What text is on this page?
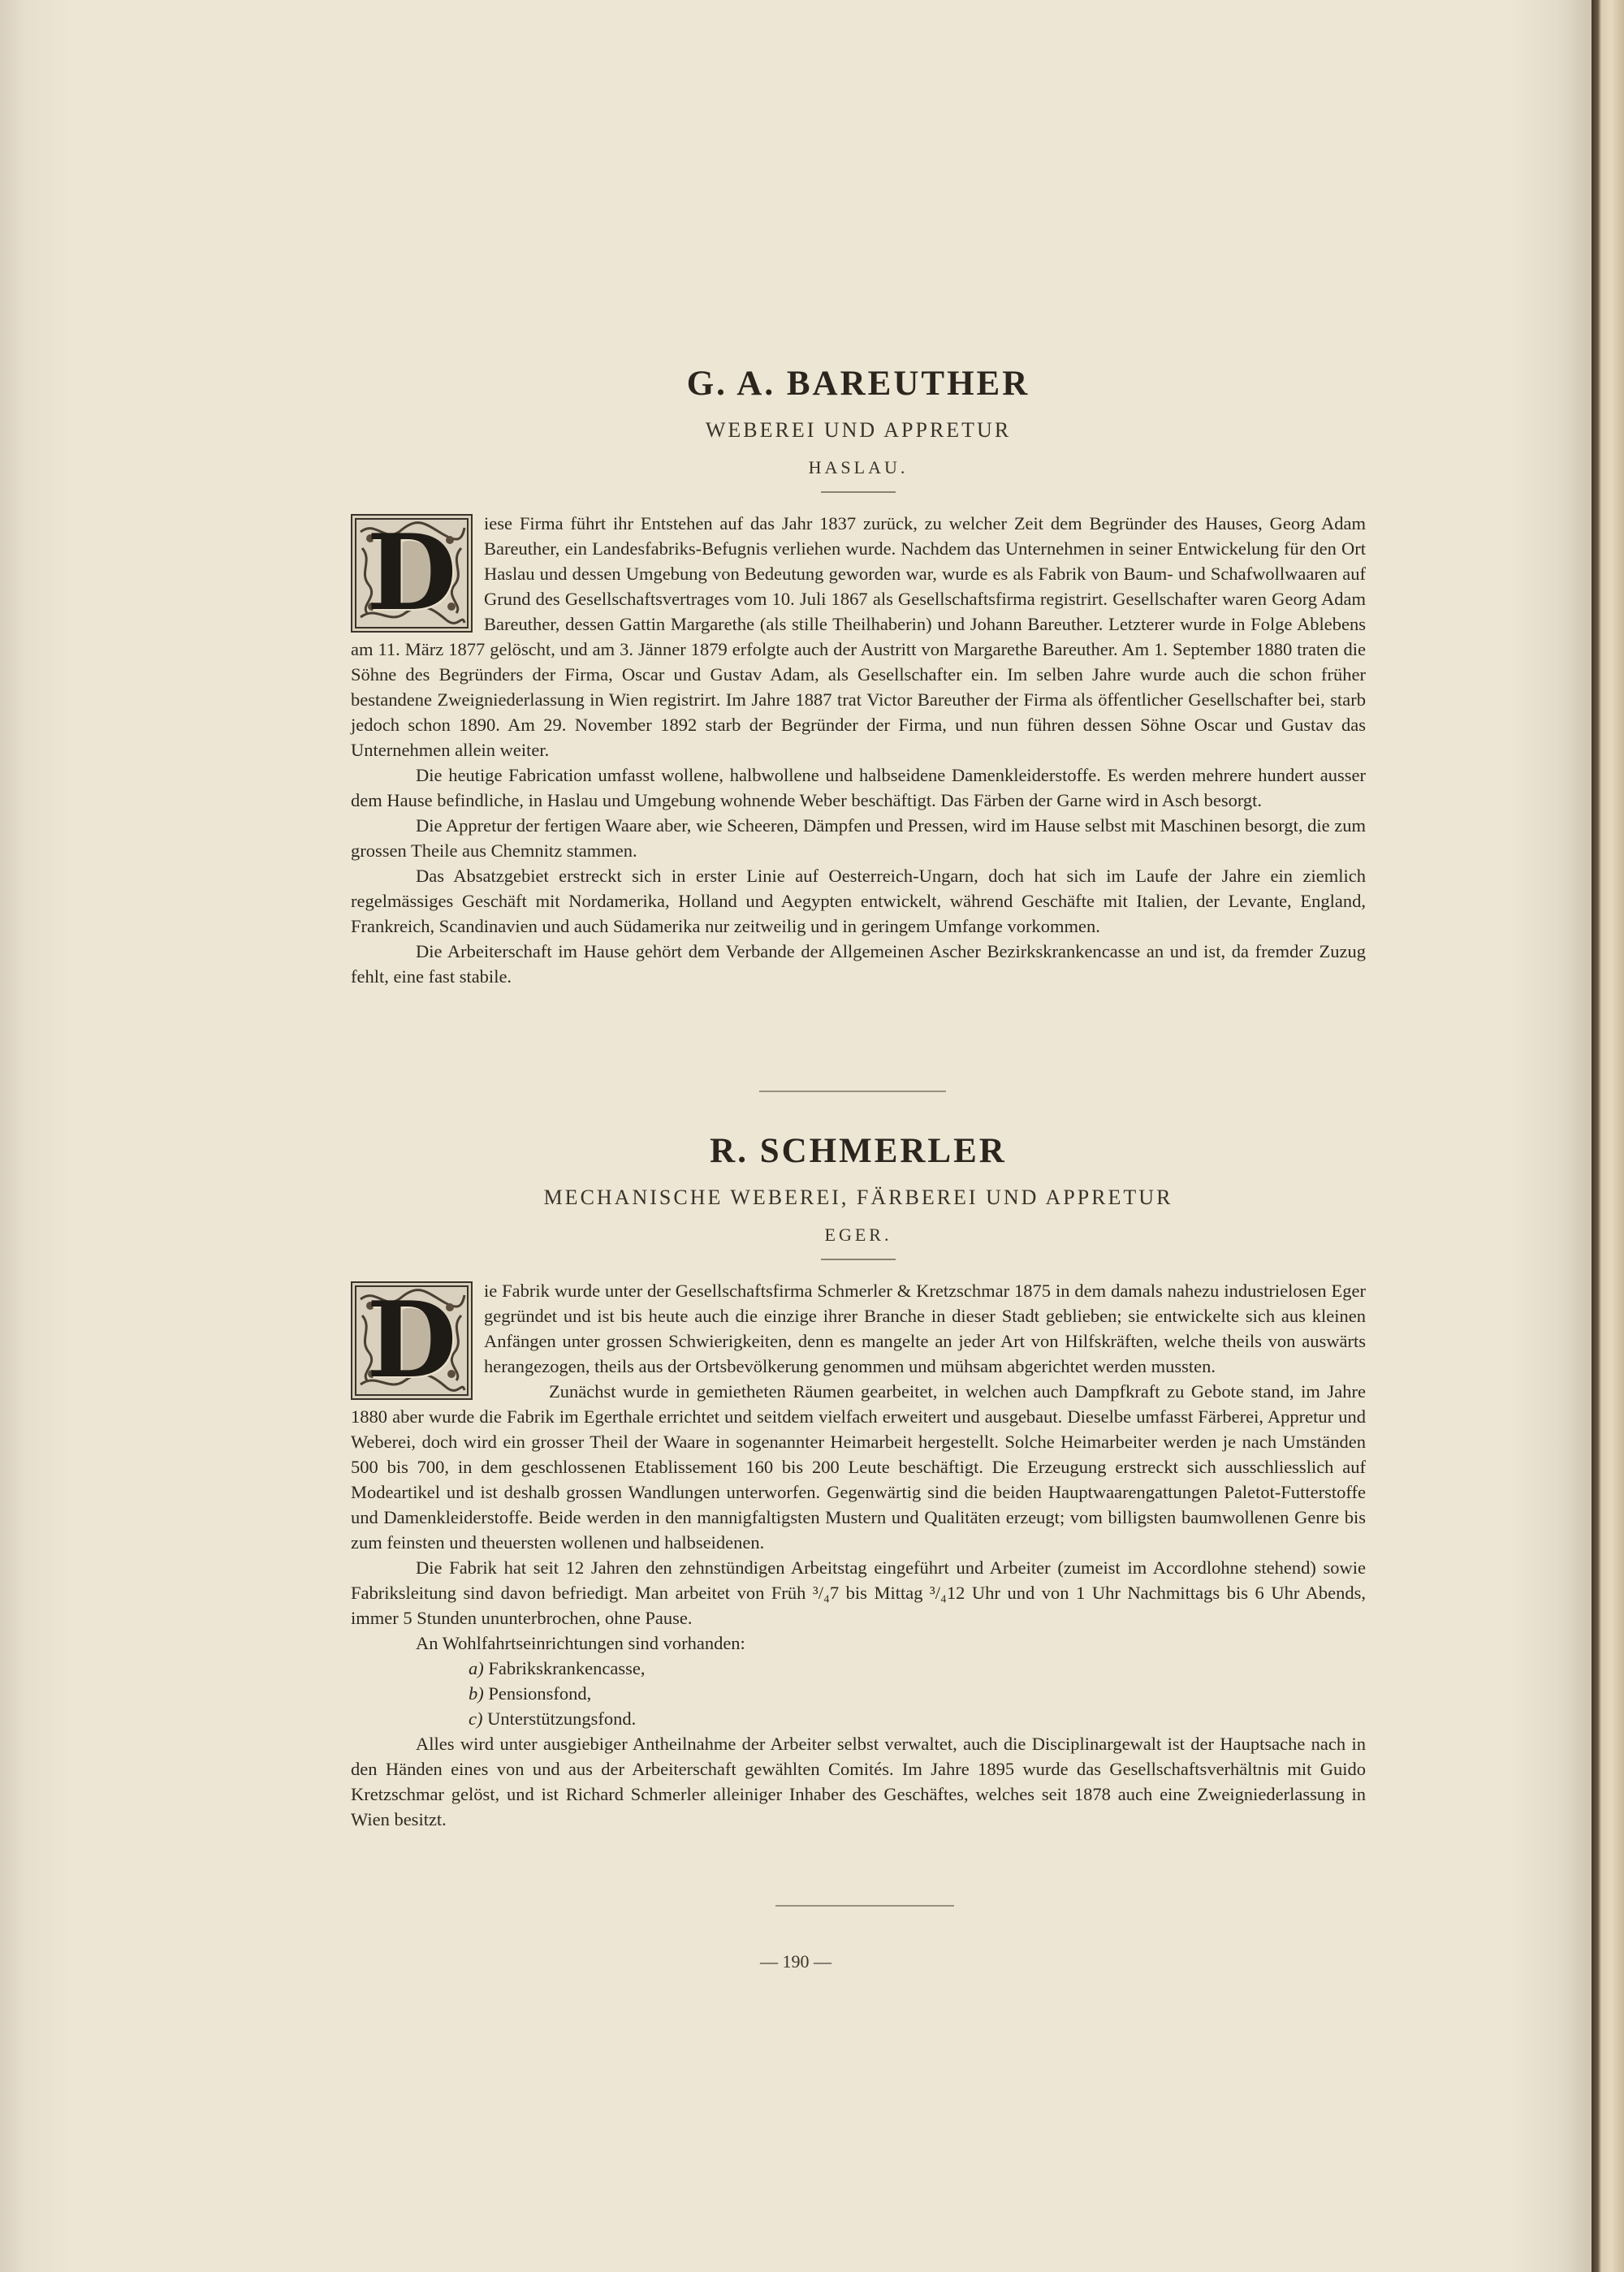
G. A. BAREUTHER
WEBEREI UND APPRETUR
HASLAU.
D	iese Firma führt ihr Entstehen auf das Jahr 1837 zurück, zu welcher Zeit dem Begründer des Hauses, Georg Adam Bareuther, ein Landesfabriks-Befugnis verliehen wurde. Nachdem das Unternehmen in seiner Entwickelung für den Ort Haslau und dessen Umgebung von Bedeutung geworden war, wurde es als Fabrik von Baum- und Schafwollwaaren auf Grund des Gesellschaftsvertrages vom 10. Juli 1867 als Gesellschaftsfirma registrirt. Gesellschafter waren Georg Adam Bareuther, dessen Gattin Margarethe (als stille Theilhaberin) und Johann Bareuther. Letzterer wurde in Folge Ablebens am 11. März 1877 gelöscht, und am 3. Jänner 1879 erfolgte auch der Austritt von Margarethe Bareuther. Am 1. September 1880 traten die Söhne des Begründers der Firma, Oscar und Gustav Adam, als Gesellschafter ein. Im selben Jahre wurde auch die schon früher bestandene Zweigniederlassung in Wien registrirt. Im Jahre 1887 trat Victor Bareuther der Firma als öffentlicher Gesellschafter bei, starb jedoch schon 1890. Am 29. November 1892 starb der Begründer der Firma, und nun führen dessen Söhne Oscar und Gustav das Unternehmen allein weiter.

Die heutige Fabrication umfasst wollene, halbwollene und halbseidene Damenkleiderstoffe. Es werden mehrere hundert ausser dem Hause befindliche, in Haslau und Umgebung wohnende Weber beschäftigt. Das Färben der Garne wird in Asch besorgt.

Die Appretur der fertigen Waare aber, wie Scheeren, Dämpfen und Pressen, wird im Hause selbst mit Maschinen besorgt, die zum grossen Theile aus Chemnitz stammen.

Das Absatzgebiet erstreckt sich in erster Linie auf Oesterreich-Ungarn, doch hat sich im Laufe der Jahre ein ziemlich regelmässiges Geschäft mit Nordamerika, Holland und Aegypten entwickelt, während Geschäfte mit Italien, der Levante, England, Frankreich, Scandinavien und auch Südamerika nur zeitweilig und in geringem Umfange vorkommen.

Die Arbeiterschaft im Hause gehört dem Verbande der Allgemeinen Ascher Bezirkskrankencasse an und ist, da fremder Zuzug fehlt, eine fast stabile.

R. SCHMERLER
MECHANISCHE WEBEREI, FÄRBEREI UND APPRETUR
EGER.
D	ie Fabrik wurde unter der Gesellschaftsfirma Schmerler & Kretzschmar 1875 in dem damals nahezu industrielosen Eger gegründet und ist bis heute auch die einzige ihrer Branche in dieser Stadt geblieben; sie entwickelte sich aus kleinen Anfängen unter grossen Schwierigkeiten, denn es mangelte an jeder Art von Hilfskräften, welche theils von auswärts herangezogen, theils aus der Ortsbevölkerung genommen und mühsam abgerichtet werden mussten.

Zunächst wurde in gemietheten Räumen gearbeitet, in welchen auch Dampfkraft zu Gebote stand, im Jahre 1880 aber wurde die Fabrik im Egerthale errichtet und seitdem vielfach erweitert und ausgebaut. Dieselbe umfasst Färberei, Appretur und Weberei, doch wird ein grosser Theil der Waare in sogenannter Heimarbeit hergestellt. Solche Heimarbeiter werden je nach Umständen 500 bis 700, in dem geschlossenen Etablissement 160 bis 200 Leute beschäftigt. Die Erzeugung erstreckt sich ausschliesslich auf Modeartikel und ist deshalb grossen Wandlungen unterworfen. Gegenwärtig sind die beiden Hauptwaarengattungen Paletot-Futterstoffe und Damenkleiderstoffe. Beide werden in den mannigfaltigsten Mustern und Qualitäten erzeugt; vom billigsten baumwollenen Genre bis zum feinsten und theuersten wollenen und halbseidenen.

Die Fabrik hat seit 12 Jahren den zehnstündigen Arbeitstag eingeführt und Arbeiter (zumeist im Accordlohne stehend) sowie Fabriksleitung sind davon befriedigt. Man arbeitet von Früh ³/₄7 bis Mittag ³/₄12 Uhr und von 1 Uhr Nachmittags bis 6 Uhr Abends, immer 5 Stunden ununterbrochen, ohne Pause.

An Wohlfahrtseinrichtungen sind vorhanden:

a) Fabrikskrankencasse,

b) Pensionsfond,

c) Unterstützungsfond.

Alles wird unter ausgiebiger Antheilnahme der Arbeiter selbst verwaltet, auch die Disciplinargewalt ist der Hauptsache nach in den Händen eines von und aus der Arbeiterschaft gewählten Comités. Im Jahre 1895 wurde das Gesellschaftsverhältnis mit Guido Kretzschmar gelöst, und ist Richard Schmerler alleiniger Inhaber des Geschäftes, welches seit 1878 auch eine Zweigniederlassung in Wien besitzt.

— 190 —
